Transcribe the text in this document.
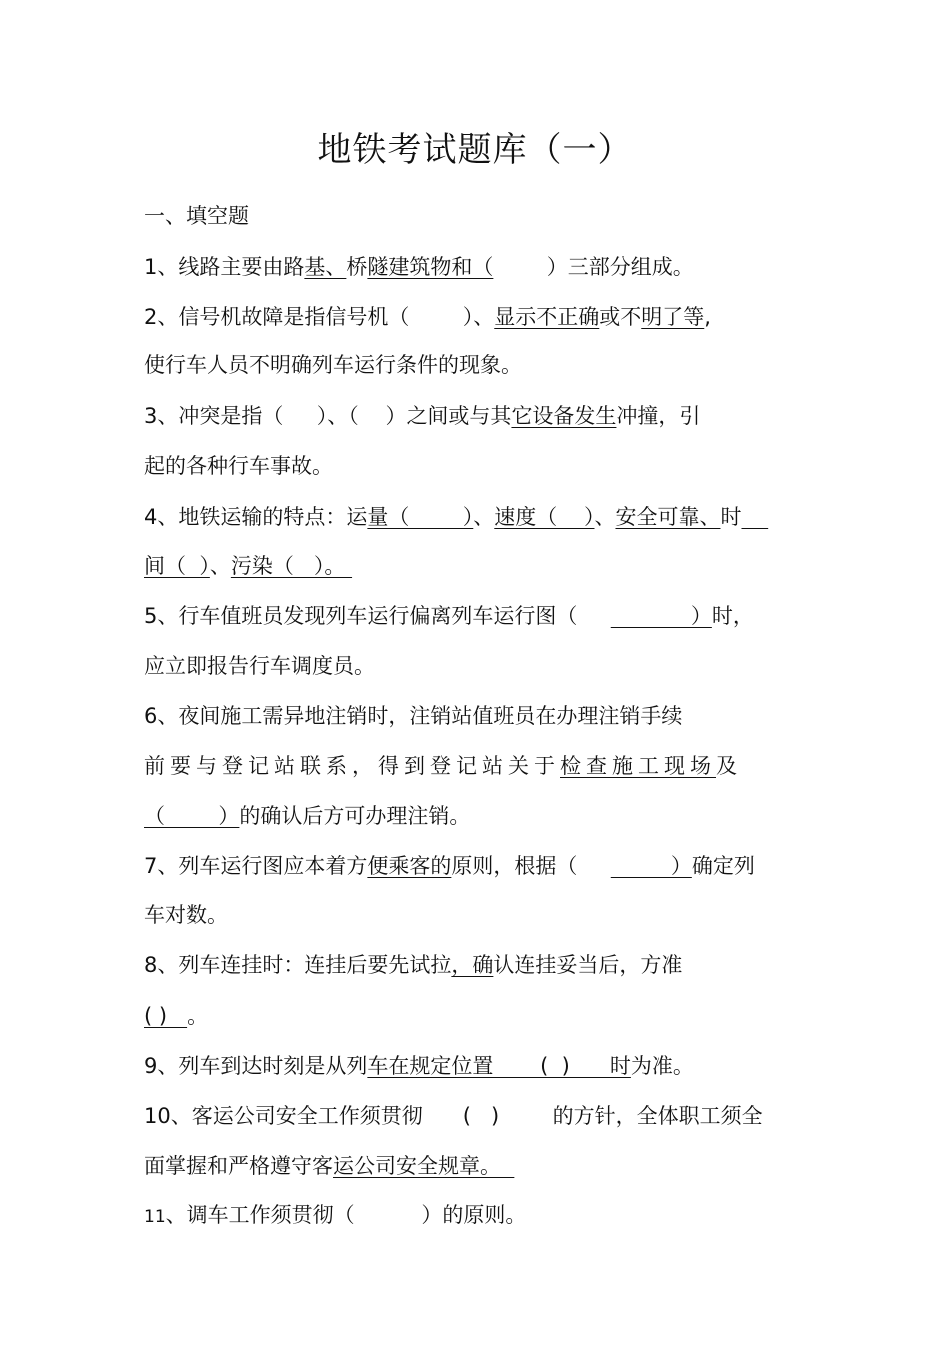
地铁考试题库（一）
一、填空题
1、线路主要由路基、桥隧建筑物和（        ）三部分组成。
2、信号机故障是指信号机（        ）、显示不正确或不明了等,
使行车人员不明确列车运行条件的现象。
3、冲突是指（     ）、（    ）之间或与其它设备发生冲撞，引
起的各种行车事故。
4、地铁运输的特点：运量（        ）、速度（    ）、安全可靠、时
间（  ）、污染（   ）。
5、行车值班员发现列车运行偏离列车运行图（                 ）时，
应立即报告行车调度员。
6、夜间施工需异地注销时，注销站值班员在办理注销手续
前要与登记站联系，得到登记站关于检查施工现场及
（        ）的确认后方可办理注销。
7、列车运行图应本着方便乘客的原则，根据（              ）确定列
车对数。
8、列车连挂时：连挂后要先试拉，确认连挂妥当后，方准
( )   。
9、列车到达时刻是从列车在规定位置       (  )      时为准。
10、客运公司安全工作须贯彻      (   )        的方针，全体职工须全
面掌握和严格遵守客运公司安全规章。
11、调车工作须贯彻（          ）的原则。
